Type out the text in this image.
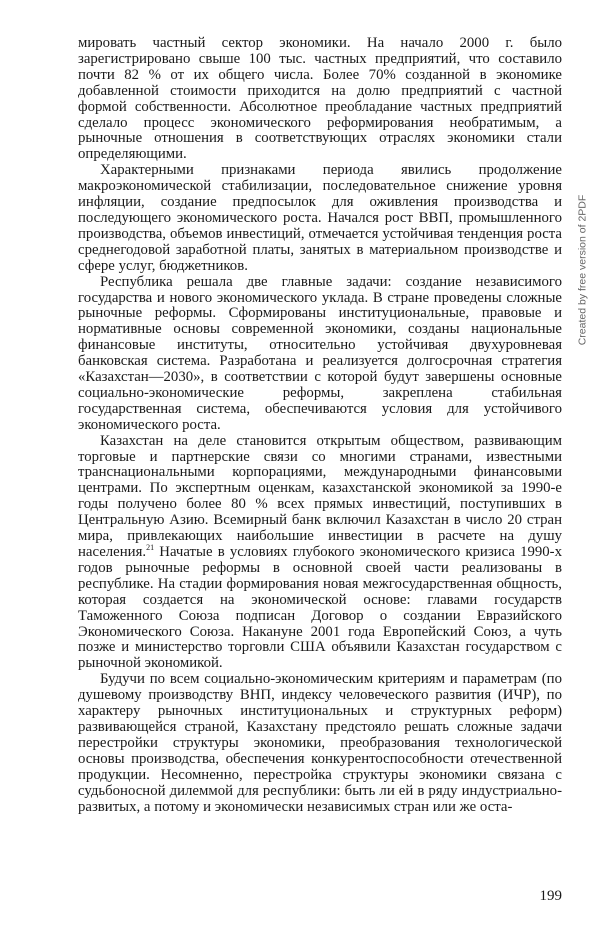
мировать частный сектор экономики. На начало 2000 г. было зарегистрировано свыше 100 тыс. частных предприятий, что составило почти 82 % от их общего числа. Более 70% созданной в экономике добавленной стоимости приходится на долю предприятий с частной формой собственности. Абсолютное преобладание частных предприятий сделало процесс экономического реформирования необратимым, а рыночные отношения в соответствующих отраслях экономики стали определяющими.

Характерными признаками периода явились продолжение макроэкономической стабилизации, последовательное снижение уровня инфляции, создание предпосылок для оживления производства и последующего экономического роста. Начался рост ВВП, промышленного производства, объемов инвестиций, отмечается устойчивая тенденция роста среднегодовой заработной платы, занятых в материальном производстве и сфере услуг, бюджетников.

Республика решала две главные задачи: создание независимого государства и нового экономического уклада. В стране проведены сложные рыночные реформы. Сформированы институциональные, правовые и нормативные основы современной экономики, созданы национальные финансовые институты, относительно устойчивая двухуровневая банковская система. Разработана и реализуется долгосрочная стратегия «Казахстан—2030», в соответствии с которой будут завершены основные социально-экономические реформы, закреплена стабильная государственная система, обеспечиваются условия для устойчивого экономического роста.

Казахстан на деле становится открытым обществом, развивающим торговые и партнерские связи со многими странами, известными транснациональными корпорациями, международными финансовыми центрами. По экспертным оценкам, казахстанской экономикой за 1990-е годы получено более 80 % всех прямых инвестиций, поступивших в Центральную Азию. Всемирный банк включил Казахстан в число 20 стран мира, привлекающих наибольшие инвестиции в расчете на душу населения.$^{21}$ Начатые в условиях глубокого экономического кризиса 1990-х годов рыночные реформы в основной своей части реализованы в республике. На стадии формирования новая межгосударственная общность, которая создается на экономической основе: главами государств Таможенного Союза подписан Договор о создании Евразийского Экономического Союза. Накануне 2001 года Европейский Союз, а чуть позже и министерство торговли США объявили Казахстан государством с рыночной экономикой.

Будучи по всем социально-экономическим критериям и параметрам (по душевому производству ВНП, индексу человеческого развития (ИЧР), по характеру рыночных институциональных и структурных реформ) развивающейся страной, Казахстану предстояло решать сложные задачи перестройки структуры экономики, преобразования технологической основы производства, обеспечения конкурентоспособности отечественной продукции. Несомненно, перестройка структуры экономики связана с судьбоносной дилеммой для республики: быть ли ей в ряду индустриально-развитых, а потому и экономически независимых стран или же оста-

Created by free version of 2PDF
199
